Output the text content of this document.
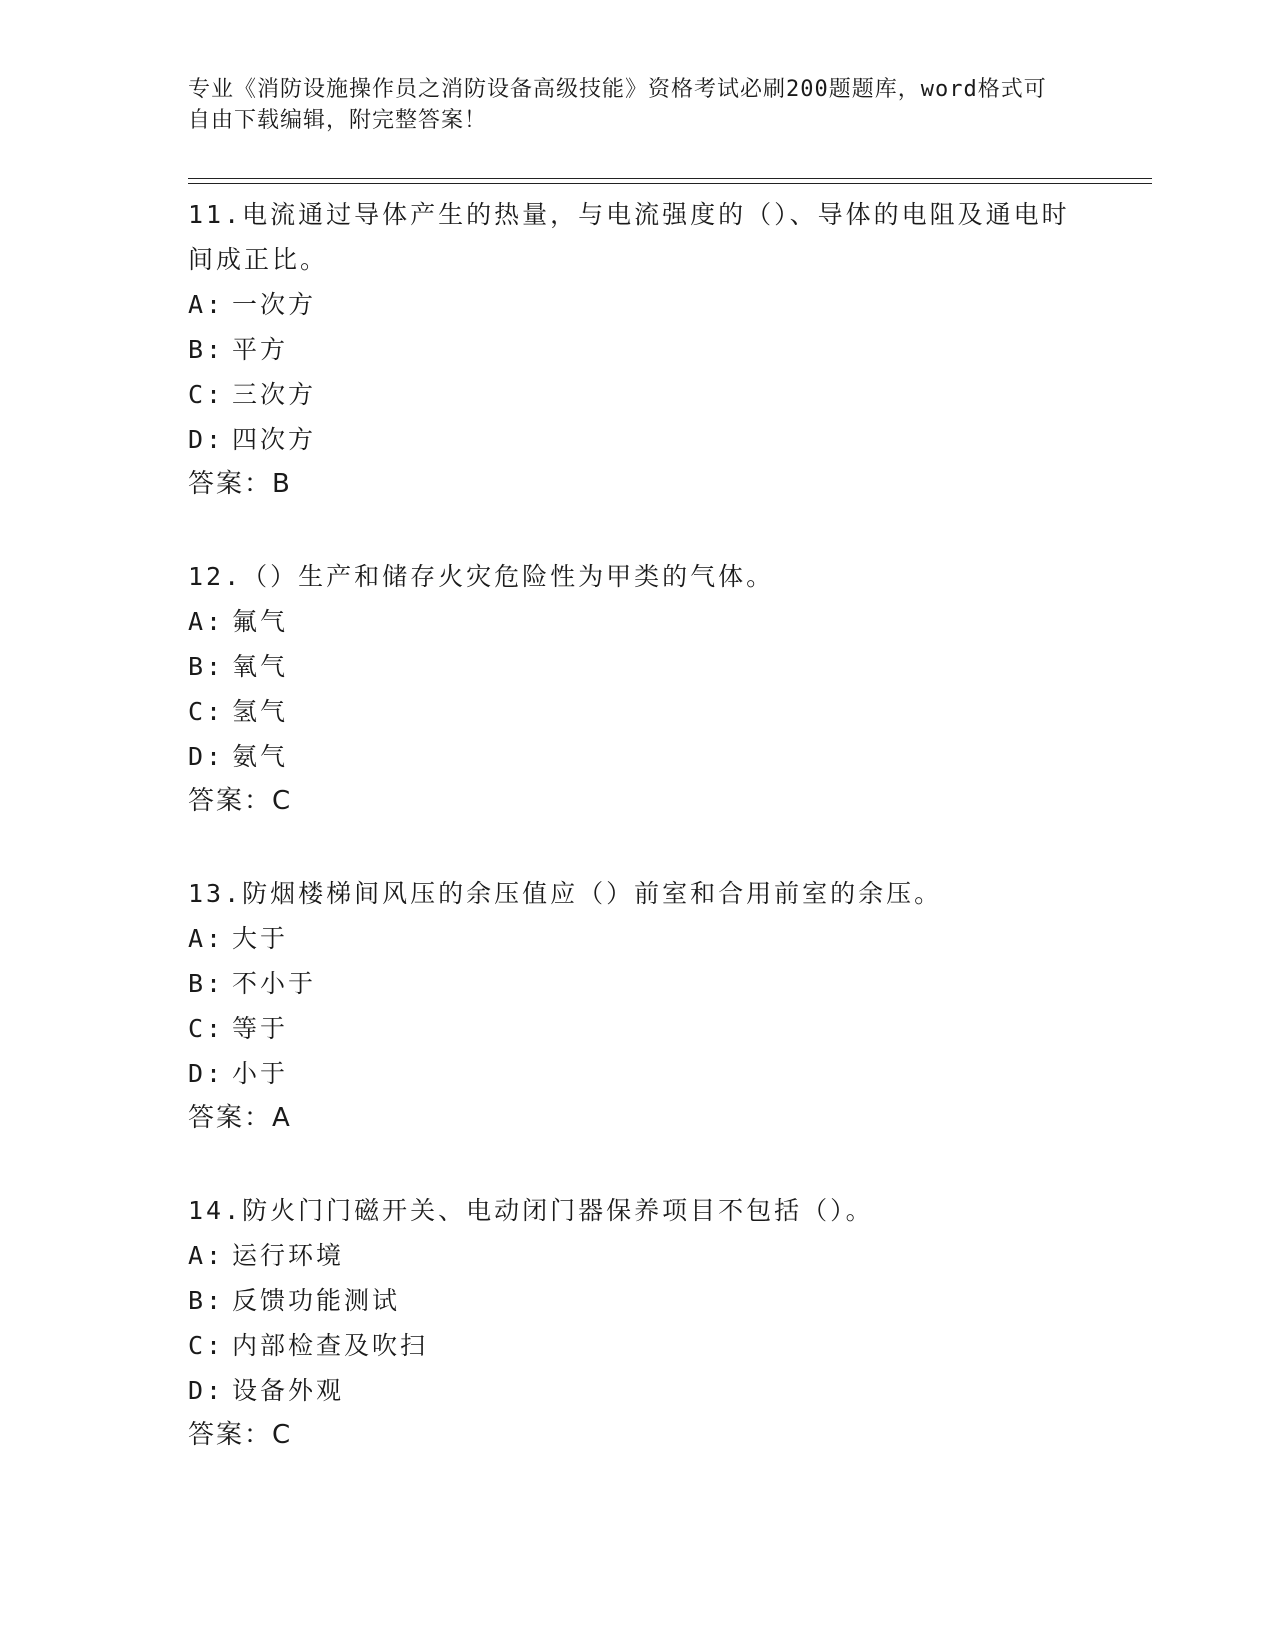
专业《消防设施操作员之消防设备高级技能》资格考试必刷200题题库，word格式可自由下载编辑，附完整答案！

11.电流通过导体产生的热量，与电流强度的（）、导体的电阻及通电时间成正比。

A: 一次方
B: 平方
C: 三次方
D: 四次方

答案：B

12.（）生产和储存火灾危险性为甲类的气体。

A: 氟气
B: 氧气
C: 氢气
D: 氨气

答案：C

13.防烟楼梯间风压的余压值应（）前室和合用前室的余压。

A: 大于
B: 不小于
C: 等于
D: 小于

答案：A

14.防火门门磁开关、电动闭门器保养项目不包括（）。

A: 运行环境
B: 反馈功能测试
C: 内部检查及吹扫
D: 设备外观

答案：C
